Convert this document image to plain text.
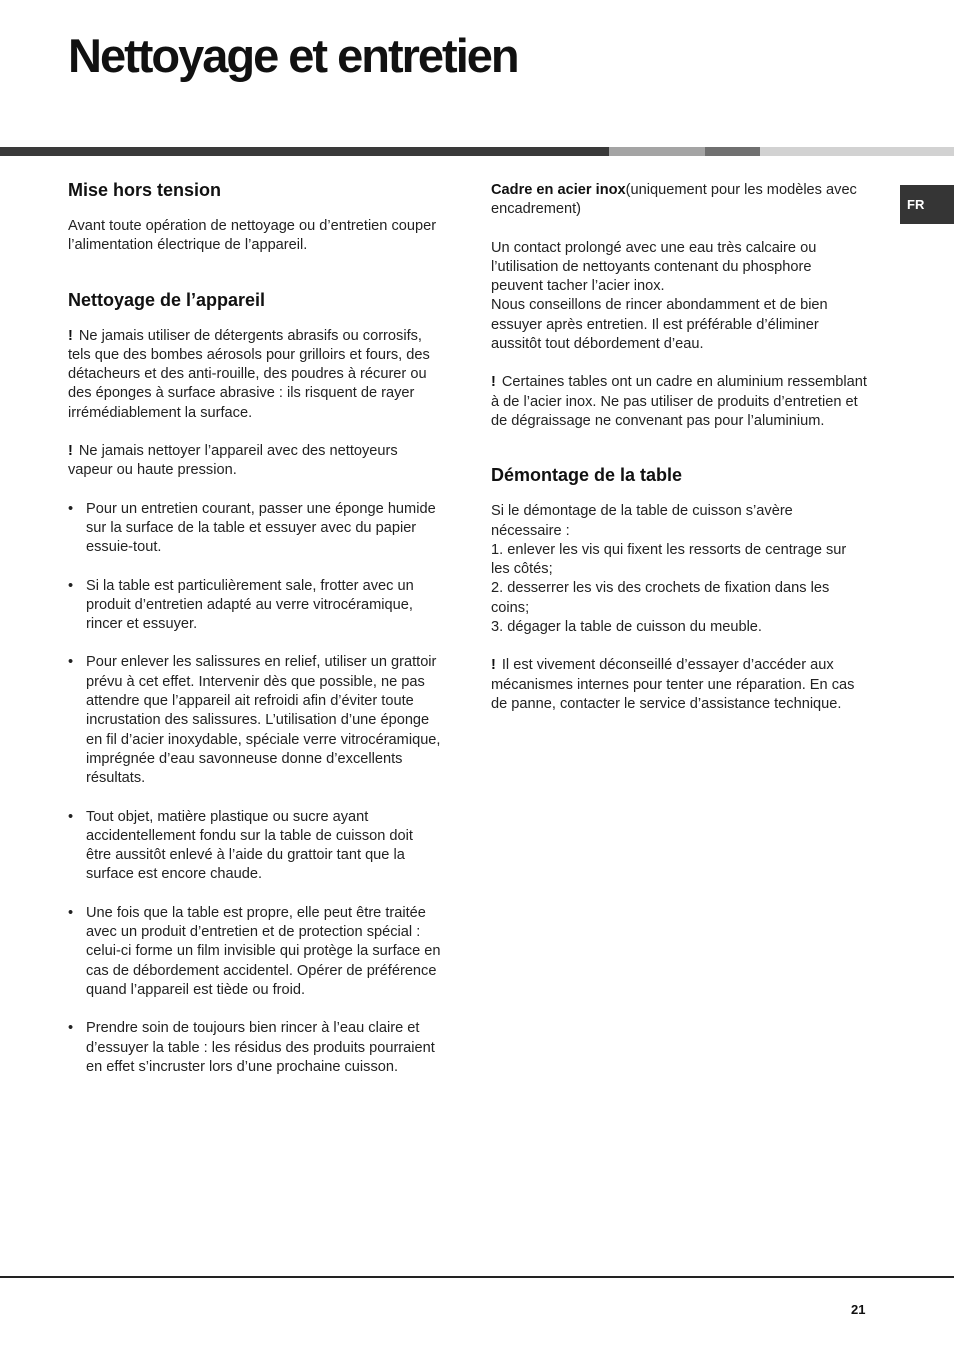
Nettoyage et entretien
FR
Mise hors tension

Avant toute opération de nettoyage ou d’entretien couper l’alimentation électrique de l’appareil.

Nettoyage de l’appareil

! Ne jamais utiliser de détergents abrasifs ou corrosifs, tels que des bombes aérosols pour grilloirs et fours, des détacheurs et des anti-rouille, des poudres à récurer ou des éponges à surface abrasive : ils risquent de rayer irrémédiablement la surface.

! Ne jamais nettoyer l’appareil avec des nettoyeurs vapeur ou haute pression.

• Pour un entretien courant, passer une éponge humide sur la surface de la table et essuyer avec du papier essuie-tout.
• Si la table est particulièrement sale, frotter avec un produit d’entretien adapté au verre vitrocéramique, rincer et essuyer.
• Pour enlever les salissures en relief, utiliser un grattoir prévu à cet effet. Intervenir dès que possible, ne pas attendre que l’appareil ait refroidi afin d’éviter toute incrustation des salissures. L’utilisation d’une éponge en fil d’acier inoxydable, spéciale verre vitrocéramique, imprégnée d’eau savonneuse donne d’excellents résultats.
• Tout objet, matière plastique ou sucre ayant accidentellement fondu sur la table de cuisson doit être aussitôt enlevé à l’aide du grattoir tant que la surface est encore chaude.
• Une fois que la table est propre, elle peut être traitée avec un produit d’entretien et de protection spécial : celui-ci forme un film invisible qui protège la surface en cas de débordement accidentel. Opérer de préférence quand l’appareil est tiède ou froid.
• Prendre soin de toujours bien rincer à l’eau claire et d’essuyer la table : les résidus des produits pourraient en effet s’incruster lors d’une prochaine cuisson.

Cadre en acier inox(uniquement pour les modèles avec encadrement)

Un contact prolongé avec une eau très calcaire ou l’utilisation de nettoyants contenant du phosphore peuvent tacher l’acier inox.

Nous conseillons de rincer abondamment et de bien essuyer après entretien. Il est préférable d’éliminer aussitôt tout débordement d’eau.

! Certaines tables ont un cadre en aluminium ressemblant à de l’acier inox. Ne pas utiliser de produits d’entretien et de dégraissage ne convenant pas pour l’aluminium.

Démontage de la table

Si le démontage de la table de cuisson s’avère nécessaire :

1. enlever les vis qui fixent les ressorts de centrage sur les côtés;

2. desserrer les vis des crochets de fixation dans les coins;

3. dégager la table de cuisson du meuble.

! Il est vivement déconseillé d’essayer d’accéder aux mécanismes internes pour tenter une réparation. En cas de panne, contacter le service d’assistance technique.

21
